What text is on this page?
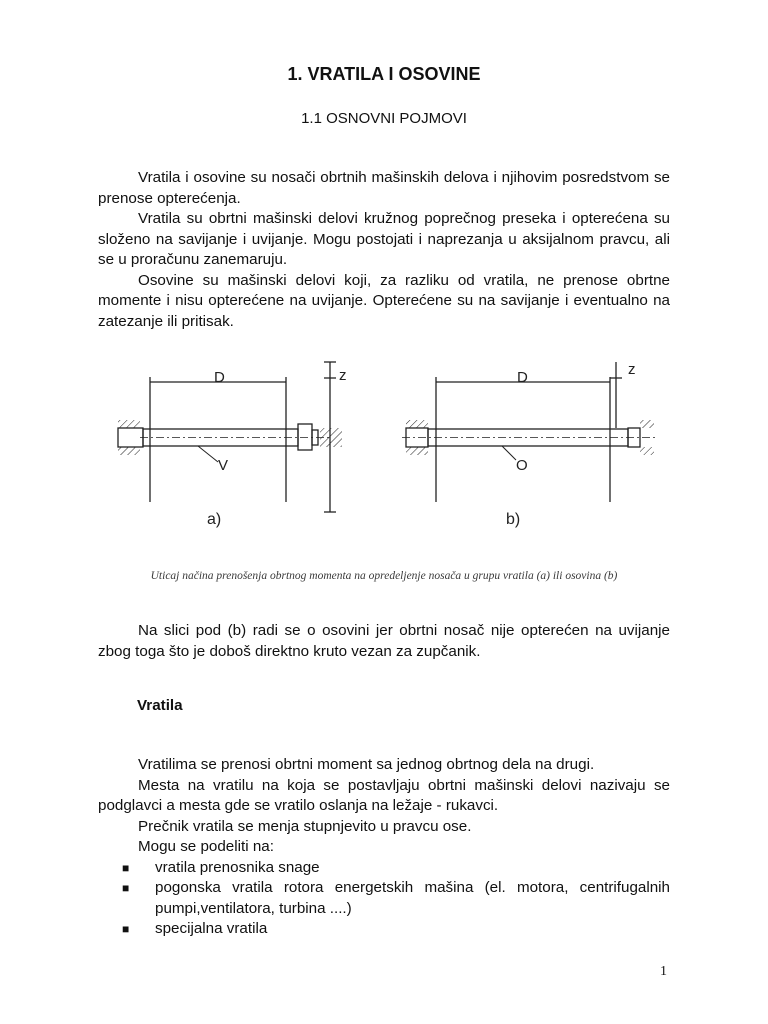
1. VRATILA I OSOVINE

1.1 OSNOVNI POJMOVI

Vratila i osovine su nosači obrtnih mašinskih delova i njihovim posredstvom se prenose opterećenja.

Vratila su obrtni mašinski delovi kružnog poprečnog preseka i opterećena su složeno na savijanje i uvijanje. Mogu postojati i naprezanja u aksijalnom pravcu, ali se u proračunu zanemaruju.

Osovine su mašinski delovi koji, za razliku od vratila, ne prenose obrtne momente i nisu opterećene na uvijanje. Opterećene su na savijanje i eventualno na zatezanje ili pritisak.

D	z
V
a)
D	z
O
b)
Uticaj načina prenošenja obrtnog momenta na opredeljenje nosača u grupu vratila (a) ili osovina (b)

Na slici pod (b) radi se o osovini jer obrtni nosač nije opterećen na uvijanje zbog toga što je doboš direktno kruto vezan za zupčanik.

Vratila

Vratilima se prenosi obrtni moment sa jednog obrtnog dela na drugi.

Mesta na vratilu na koja se postavljaju obrtni mašinski delovi nazivaju se podglavci a mesta gde se vratilo oslanja na ležaje - rukavci.

Prečnik vratila se menja stupnjevito u pravcu ose.

Mogu se podeliti na:

■ vratila prenosnika snage
■ pogonska vratila rotora energetskih mašina (el. motora, centrifugalnih pumpi,ventilatora, turbina ....)
■ specijalna vratila
1
